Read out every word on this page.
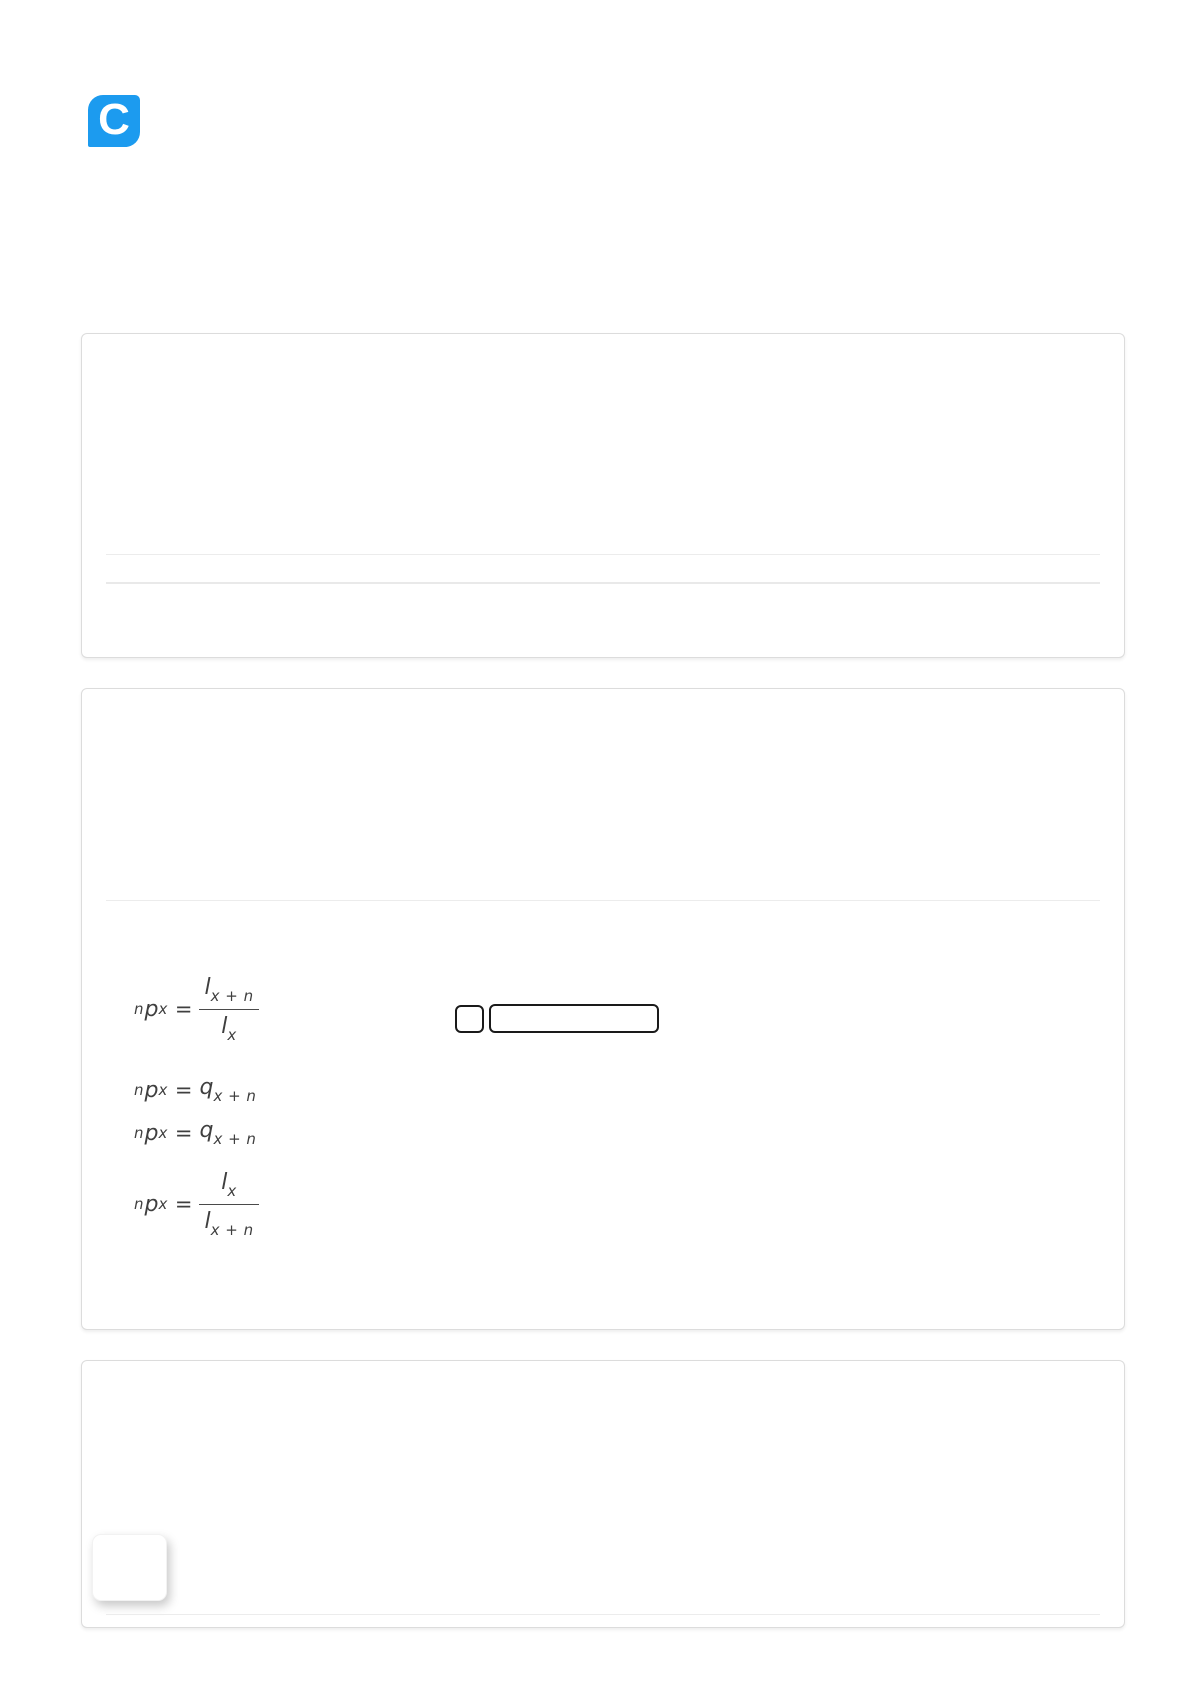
C
n p $x = \frac{l_{x + n}}{l_x}$
n p $x = q_{x + n}$
n p $x = q_{x + n}$
n p $x = \frac{l_x}{l_{x + n}}$
